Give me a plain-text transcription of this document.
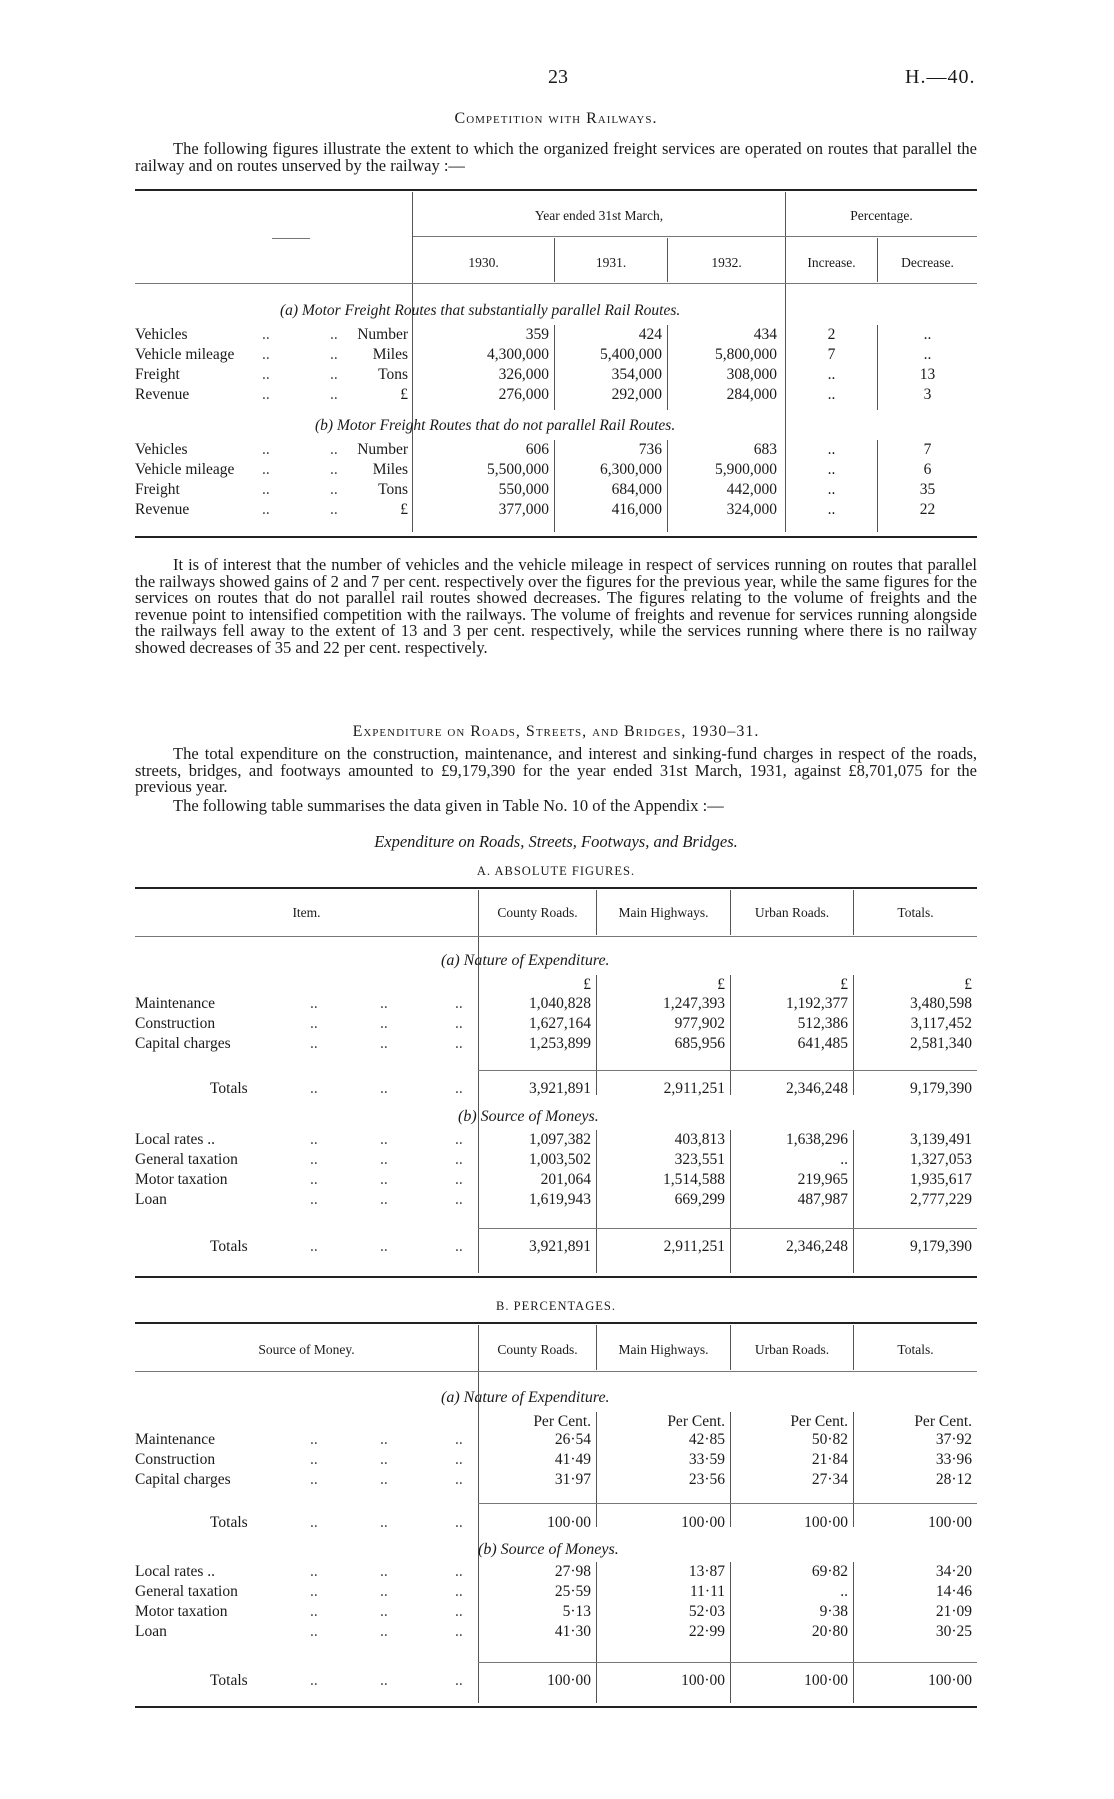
23	H.—40.
Competition with Railways.
The following figures illustrate the extent to which the organized freight services are operated on routes that parallel the railway and on routes unserved by the railway :—
Year ended 31st March,	Percentage.
1930.	1931.	1932.	Increase.	Decrease.
(a) Motor Freight Routes that substantially parallel Rail Routes.
(b) Motor Freight Routes that do not parallel Rail Routes.
Vehicles	..	..	Number	359	424	434	2	..
Vehicle mileage ..	..	Miles	4,300,000	5,400,000	5,800,000	7	..
Freight	..	..	Tons	326,000	354,000	308,000	..	13
Revenue	..	..	£	276,000	292,000	284,000	..	3
Vehicles	..	..	Number	606	736	683	..	7
Vehicle mileage ..	..	Miles	5,500,000	6,300,000	5,900,000	..	6
Freight	..	..	Tons	550,000	684,000	442,000	..	35
Revenue	..	..	£	377,000	416,000	324,000	..	22
It is of interest that the number of vehicles and the vehicle mileage in respect of services running on routes that parallel the railways showed gains of 2 and 7 per cent. respectively over the figures for the previous year, while the same figures for the services on routes that do not parallel rail routes showed decreases. The figures relating to the volume of freights and the revenue point to intensified competition with the railways. The volume of freights and revenue for services running alongside the railways fell away to the extent of 13 and 3 per cent. respectively, while the services running where there is no railway showed decreases of 35 and 22 per cent. respectively.
Expenditure on Roads, Streets, and Bridges, 1930–31.
The total expenditure on the construction, maintenance, and interest and sinking-fund charges in respect of the roads, streets, bridges, and footways amounted to £9,179,390 for the year ended 31st March, 1931, against £8,701,075 for the previous year.
The following table summarises the data given in Table No. 10 of the Appendix :—
Expenditure on Roads, Streets, Footways, and Bridges.
A. ABSOLUTE FIGURES.
Item.	County Roads.	Main Highways.	Urban Roads.	Totals.
(a) Nature of Expenditure.
(b) Source of Moneys.
£	£	£	£
Maintenance	..	..	..	1,040,828	1,247,393	1,192,377	3,480,598
Construction	..	..	..	1,627,164	977,902	512,386	3,117,452
Capital charges	..	..	..	1,253,899	685,956	641,485	2,581,340
Totals	..	..	..	3,921,891	2,911,251	2,346,248	9,179,390
Local rates ..	..	..	..	1,097,382	403,813	1,638,296	3,139,491
General taxation	..	..	..	1,003,502	323,551	..	1,327,053
Motor taxation	..	..	..	201,064	1,514,588	219,965	1,935,617
Loan	..	..	..	1,619,943	669,299	487,987	2,777,229
Totals	..	..	..	3,921,891	2,911,251	2,346,248	9,179,390
B. PERCENTAGES.
Source of Money.	County Roads.	Main Highways.	Urban Roads.	Totals.
(a) Nature of Expenditure.
(b) Source of Moneys.
Per Cent.	Per Cent.	Per Cent.	Per Cent.
Maintenance	..	..	..	26·54	42·85	50·82	37·92
Construction	..	..	..	41·49	33·59	21·84	33·96
Capital charges	..	..	..	31·97	23·56	27·34	28·12
Totals	..	..	..	100·00	100·00	100·00	100·00
Local rates ..	..	..	..	27·98	13·87	69·82	34·20
General taxation	..	..	..	25·59	11·11	..	14·46
Motor taxation	..	..	..	5·13	52·03	9·38	21·09
Loan	..	..	..	41·30	22·99	20·80	30·25
Totals	..	..	..	100·00	100·00	100·00	100·00
